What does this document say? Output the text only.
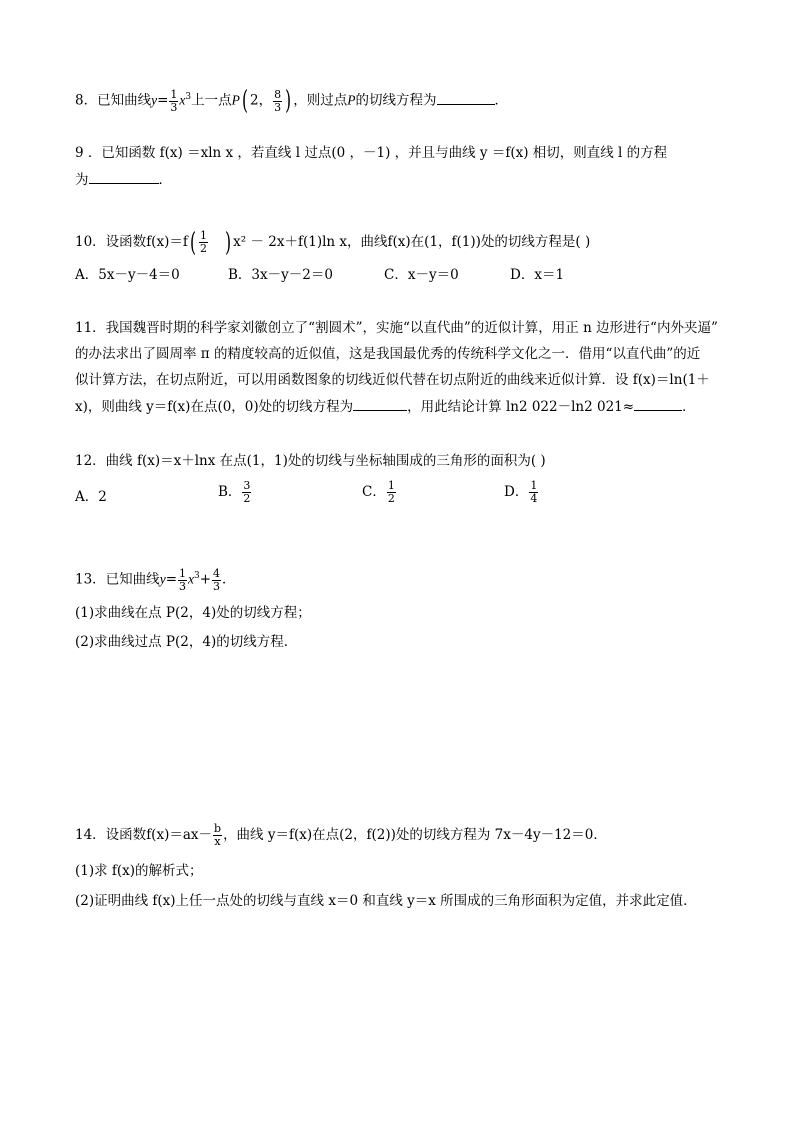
8．已知曲线$y= \frac{1}{3} x^3$上一点P( 2， $\frac{8}{3}$ ) ，则过点P的切线方程为	．
9 ．已知函数 f(x) ＝xln x ，若直线 l 过点(0 ，－1) ，并且与曲线 y ＝f(x) 相切，则直线 l 的方程
为	．
10．设函数$f(x)=f( \frac{1}{2}$ ) x² － 2x＋f(1)ln x，曲线f(x)在(1，f(1))处的切线方程是( )
A．5x－y－4＝0	B．3x－y－2＝0	C．x－y＝0	D．x＝1
11．我国魏晋时期的科学家刘徽创立了“割圆术”，实施“以直代曲”的近似计算，用正 n 边形进行“内外夹逼”
的办法求出了圆周率 π 的精度较高的近似值，这是我国最优秀的传统科学文化之一．借用“以直代曲”的近
似计算方法，在切点附近，可以用函数图象的切线近似代替在切点附近的曲线来近似计算．设 f(x)＝ln(1＋
x)，则曲线 y＝f(x)在点(0，0)处的切线方程为	，用此结论计算 ln2 022－ln2 021≈	．
12．曲线 f(x)＝x＋lnx 在点(1，1)处的切线与坐标轴围成的三角形的面积为( )
A．2	B． $\frac{3}{2}$	C． $\frac{1}{2}$	D． $\frac{1}{4}$
13．已知曲线$y= \frac{1}{3} x^3+ \frac{4}{3}$ ．
(1)求曲线在点 P(2，4)处的切线方程；
(2)求曲线过点 P(2，4)的切线方程．
14．设函数$f(x)=ax- \frac{b}{x}$ ，曲线 y＝f(x)在点(2，f(2))处的切线方程为 7x－4y－12＝0．
(1)求 f(x)的解析式；
(2)证明曲线 f(x)上任一点处的切线与直线 x＝0 和直线 y＝x 所围成的三角形面积为定值，并求此定值．
